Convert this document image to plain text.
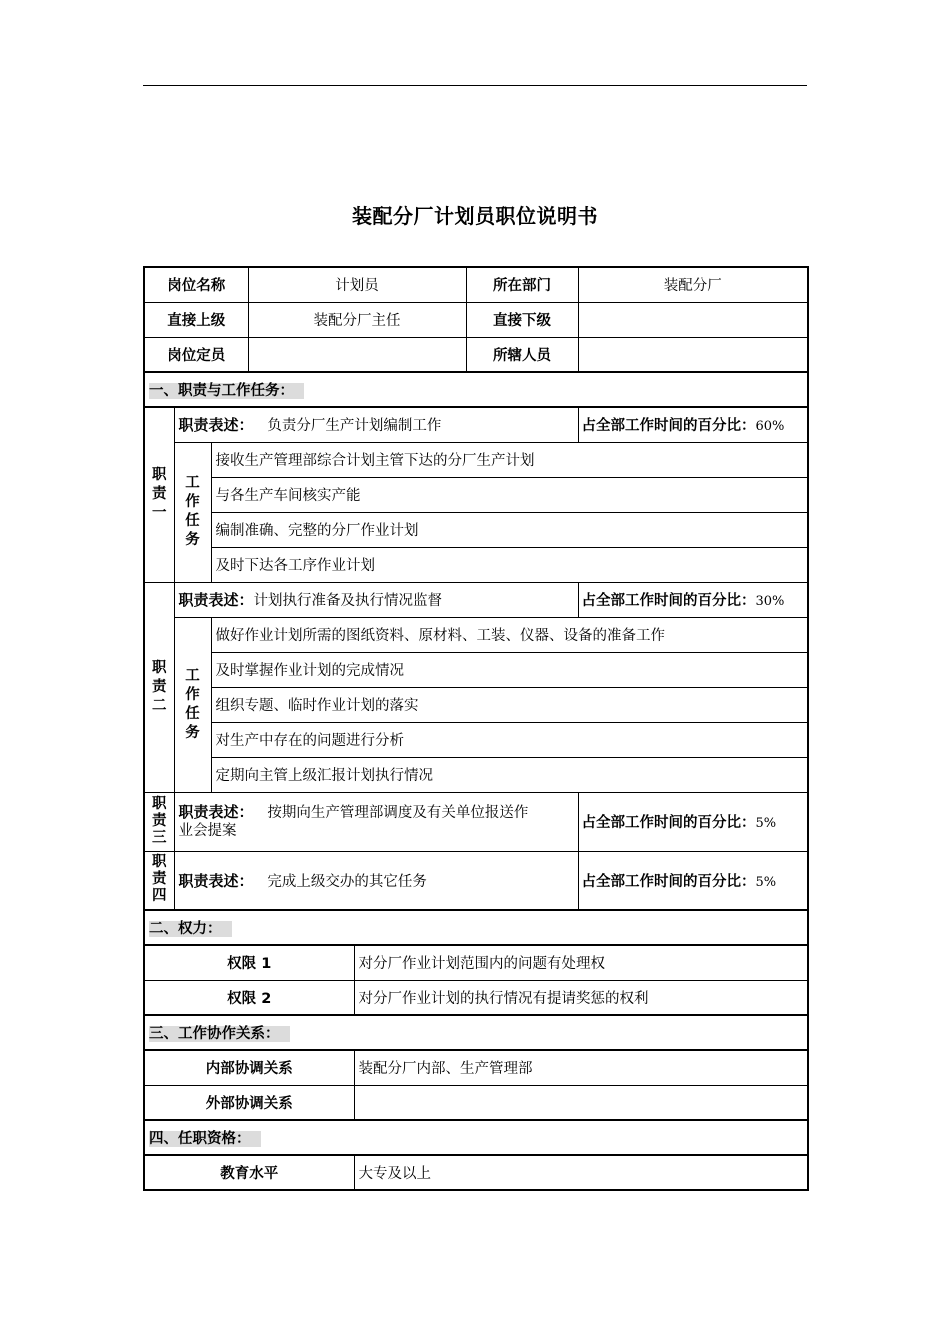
装配分厂计划员职位说明书
岗位名称			计划员		所在部门	装配分厂
直接上级			装配分厂主任		直接下级	
岗位定员					所辖人员	
一、职责与工作任务：						
职责一	职责表述： 负责分厂生产计划编制工作					占全部工作时间的百分比：60%
	工作任务	接收生产管理部综合计划主管下达的分厂生产计划				
		与各生产车间核实产能				
		编制准确、完整的分厂作业计划				
		及时下达各工序作业计划				
职责二	职责表述：计划执行准备及执行情况监督					占全部工作时间的百分比：30%
	工作任务	做好作业计划所需的图纸资料、原材料、工装、仪器、设备的准备工作				
		及时掌握作业计划的完成情况				
		组织专题、临时作业计划的落实				
		对生产中存在的问题进行分析				
		定期向主管上级汇报计划执行情况				
职责三	职责表述： 按期向生产管理部调度及有关单位报送作
业会提案					占全部工作时间的百分比：5%
职责四	职责表述： 完成上级交办的其它任务					占全部工作时间的百分比：5%
二、权力：						
权限 1				对分厂作业计划范围内的问题有处理权		
权限 2				对分厂作业计划的执行情况有提请奖惩的权利		
三、工作协作关系：						
内部协调关系				装配分厂内部、生产管理部		
外部协调关系						
四、任职资格：						
教育水平				大专及以上		
